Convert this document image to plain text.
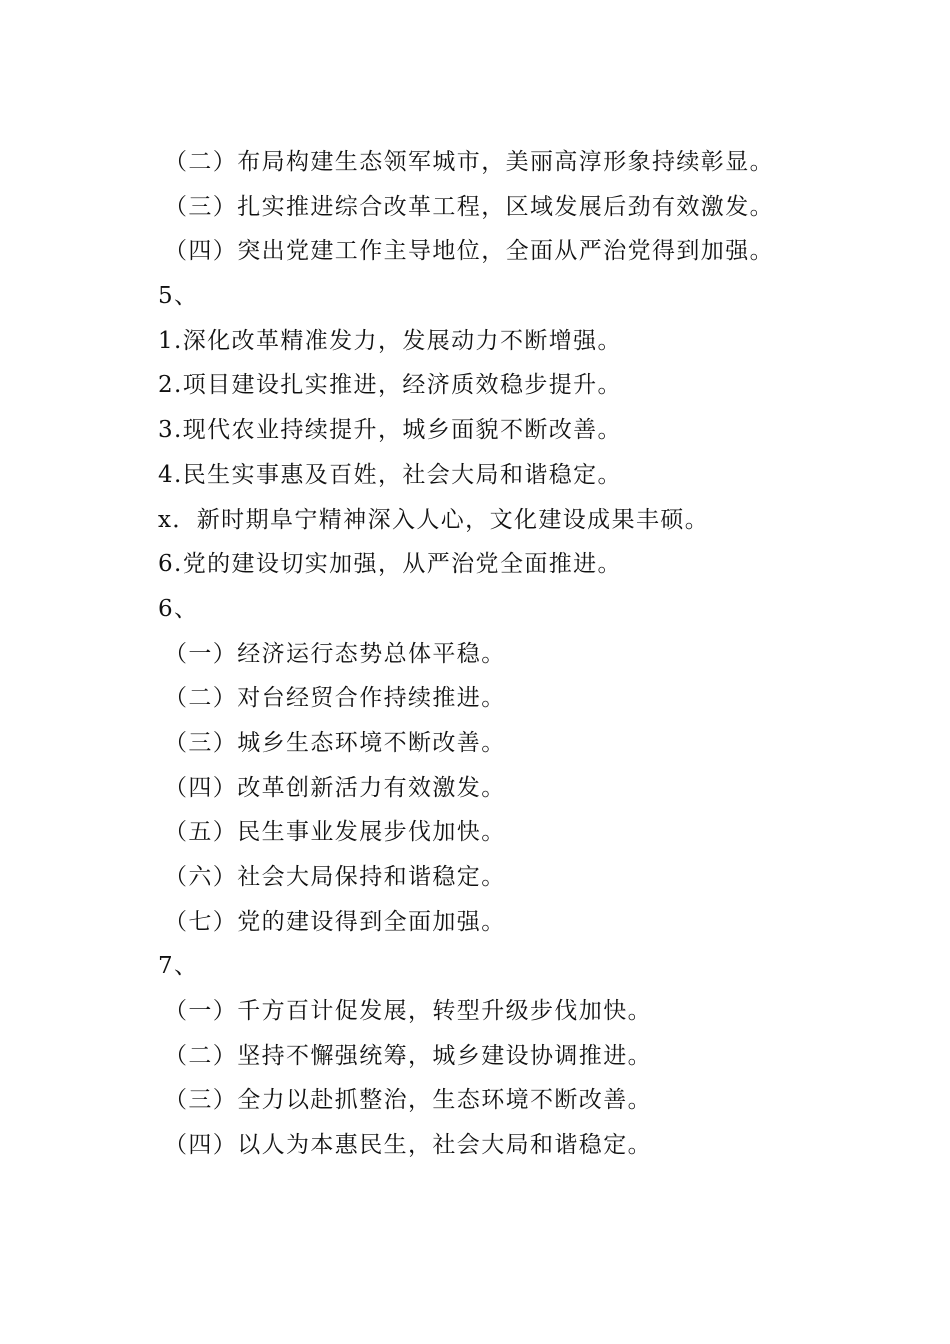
（二）布局构建生态领军城市，美丽高淳形象持续彰显。

（三）扎实推进综合改革工程，区域发展后劲有效激发。

（四）突出党建工作主导地位，全面从严治党得到加强。

5、

1.深化改革精准发力，发展动力不断增强。

2.项目建设扎实推进，经济质效稳步提升。

3.现代农业持续提升，城乡面貌不断改善。

4.民生实事惠及百姓，社会大局和谐稳定。

x．新时期阜宁精神深入人心，文化建设成果丰硕。

6.党的建设切实加强，从严治党全面推进。

6、

（一）经济运行态势总体平稳。

（二）对台经贸合作持续推进。

（三）城乡生态环境不断改善。

（四）改革创新活力有效激发。

（五）民生事业发展步伐加快。

（六）社会大局保持和谐稳定。

（七）党的建设得到全面加强。

7、

（一）千方百计促发展，转型升级步伐加快。

（二）坚持不懈强统筹，城乡建设协调推进。

（三）全力以赴抓整治，生态环境不断改善。

（四）以人为本惠民生，社会大局和谐稳定。
